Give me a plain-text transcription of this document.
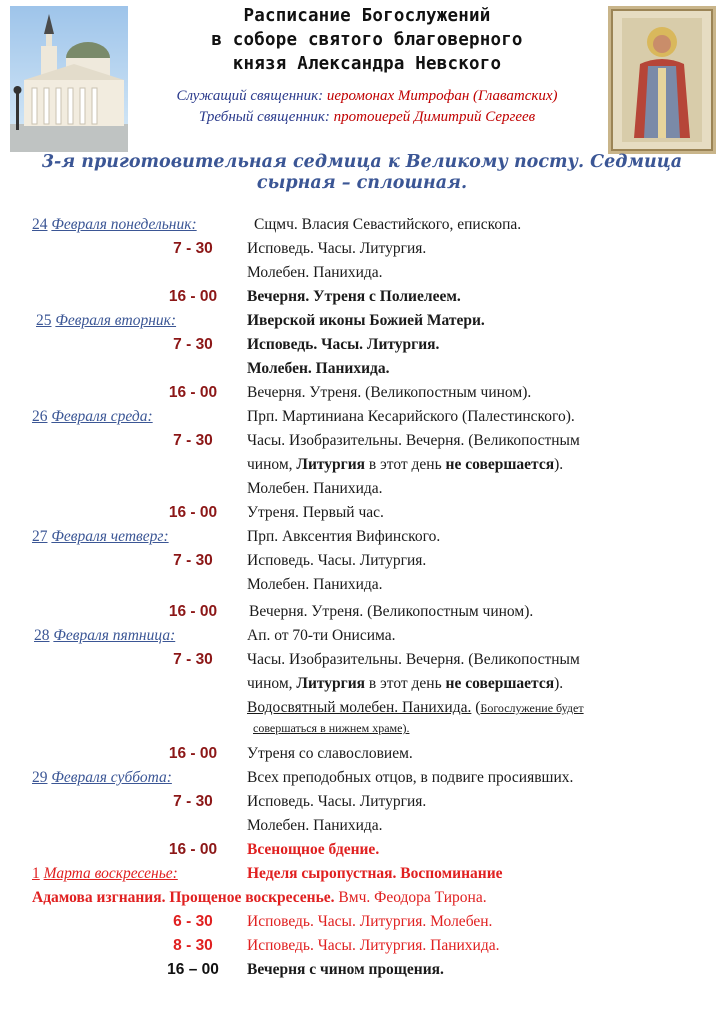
Расписание Богослужений
в соборе святого благоверного
князя Александра Невского
Служащий священник: иеромонах Митрофан (Главатских)
Требный священник: протоиерей Димитрий Сергеев
3-я приготовительная седмица к Великому посту. Седмица
сырная – сплошная.
24 Февраля понедельник:	Сщмч. Власия Севастийского, епископа.
7 - 30	Исповедь. Часы. Литургия.
Молебен. Панихида.
16 - 00	Вечерня. Утреня с Полиелеем.
25 Февраля вторник:	Иверской иконы Божией Матери.
7 - 30	Исповедь. Часы. Литургия.
Молебен. Панихида.
16 - 00	Вечерня. Утреня. (Великопостным чином).
26 Февраля среда:	Прп. Мартиниана Кесарийского (Палестинского).
7 - 30	Часы. Изобразительны. Вечерня. (Великопостным
чином, Литургия в этот день не совершается).
Молебен. Панихида.
16 - 00	Утреня. Первый час.
27 Февраля четверг:	Прп. Авксентия Вифинского.
7 - 30	Исповедь. Часы. Литургия.
Молебен. Панихида.
16 - 00	Вечерня. Утреня. (Великопостным чином).
28 Февраля пятница:	Ап. от 70-ти Онисима.
7 - 30	Часы. Изобразительны. Вечерня. (Великопостным
чином, Литургия в этот день не совершается).
Водосвятный молебен. Панихида. (Богослужение будет
совершаться в нижнем храме).
16 - 00	Утреня со славословием.
29 Февраля суббота:	Всех преподобных отцов, в подвиге просиявших.
7 - 30	Исповедь. Часы. Литургия.
Молебен. Панихида.
16 - 00	Всенощное бдение.
1 Марта воскресенье:	Неделя сыропустная. Воспоминание
Адамова изгнания. Прощеное воскресенье. Вмч. Феодора Тирона.
6 - 30	Исповедь. Часы. Литургия. Молебен.
8 - 30	Исповедь. Часы. Литургия. Панихида.
16 – 00	Вечерня с чином прощения.
